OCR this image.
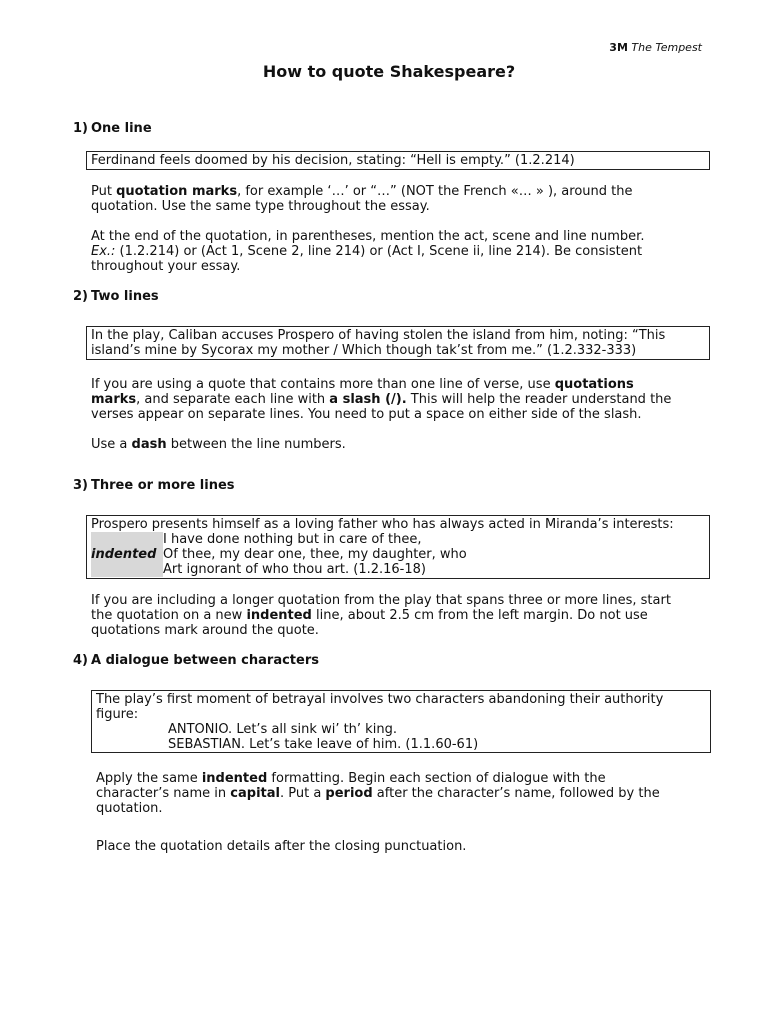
3M The Tempest
How to quote Shakespeare?
1) One line
Ferdinand feels doomed by his decision, stating: “Hell is empty.” (1.2.214)
Put quotation marks, for example ‘…’ or “…” (NOT the French «… » ), around the
quotation. Use the same type throughout the essay.
At the end of the quotation, in parentheses, mention the act, scene and line number.
Ex.: (1.2.214) or (Act 1, Scene 2, line 214) or (Act I, Scene ii, line 214). Be consistent
throughout your essay.
2) Two lines
In the play, Caliban accuses Prospero of having stolen the island from him, noting: “This
island’s mine by Sycorax my mother / Which though tak’st from me.” (1.2.332-333)
If you are using a quote that contains more than one line of verse, use quotations
marks, and separate each line with a slash (/). This will help the reader understand the
verses appear on separate lines. You need to put a space on either side of the slash.
Use a dash between the line numbers.
3) Three or more lines
Prospero presents himself as a loving father who has always acted in Miranda’s interests:
I have done nothing but in care of thee,
indented Of thee, my dear one, thee, my daughter, who
Art ignorant of who thou art. (1.2.16-18)
If you are including a longer quotation from the play that spans three or more lines, start
the quotation on a new indented line, about 2.5 cm from the left margin. Do not use
quotations mark around the quote.
4) A dialogue between characters
The play’s first moment of betrayal involves two characters abandoning their authority
figure:
ANTONIO. Let’s all sink wi’ th’ king.
SEBASTIAN. Let’s take leave of him. (1.1.60-61)
Apply the same indented formatting. Begin each section of dialogue with the
character’s name in capital. Put a period after the character’s name, followed by the
quotation.
Place the quotation details after the closing punctuation.
